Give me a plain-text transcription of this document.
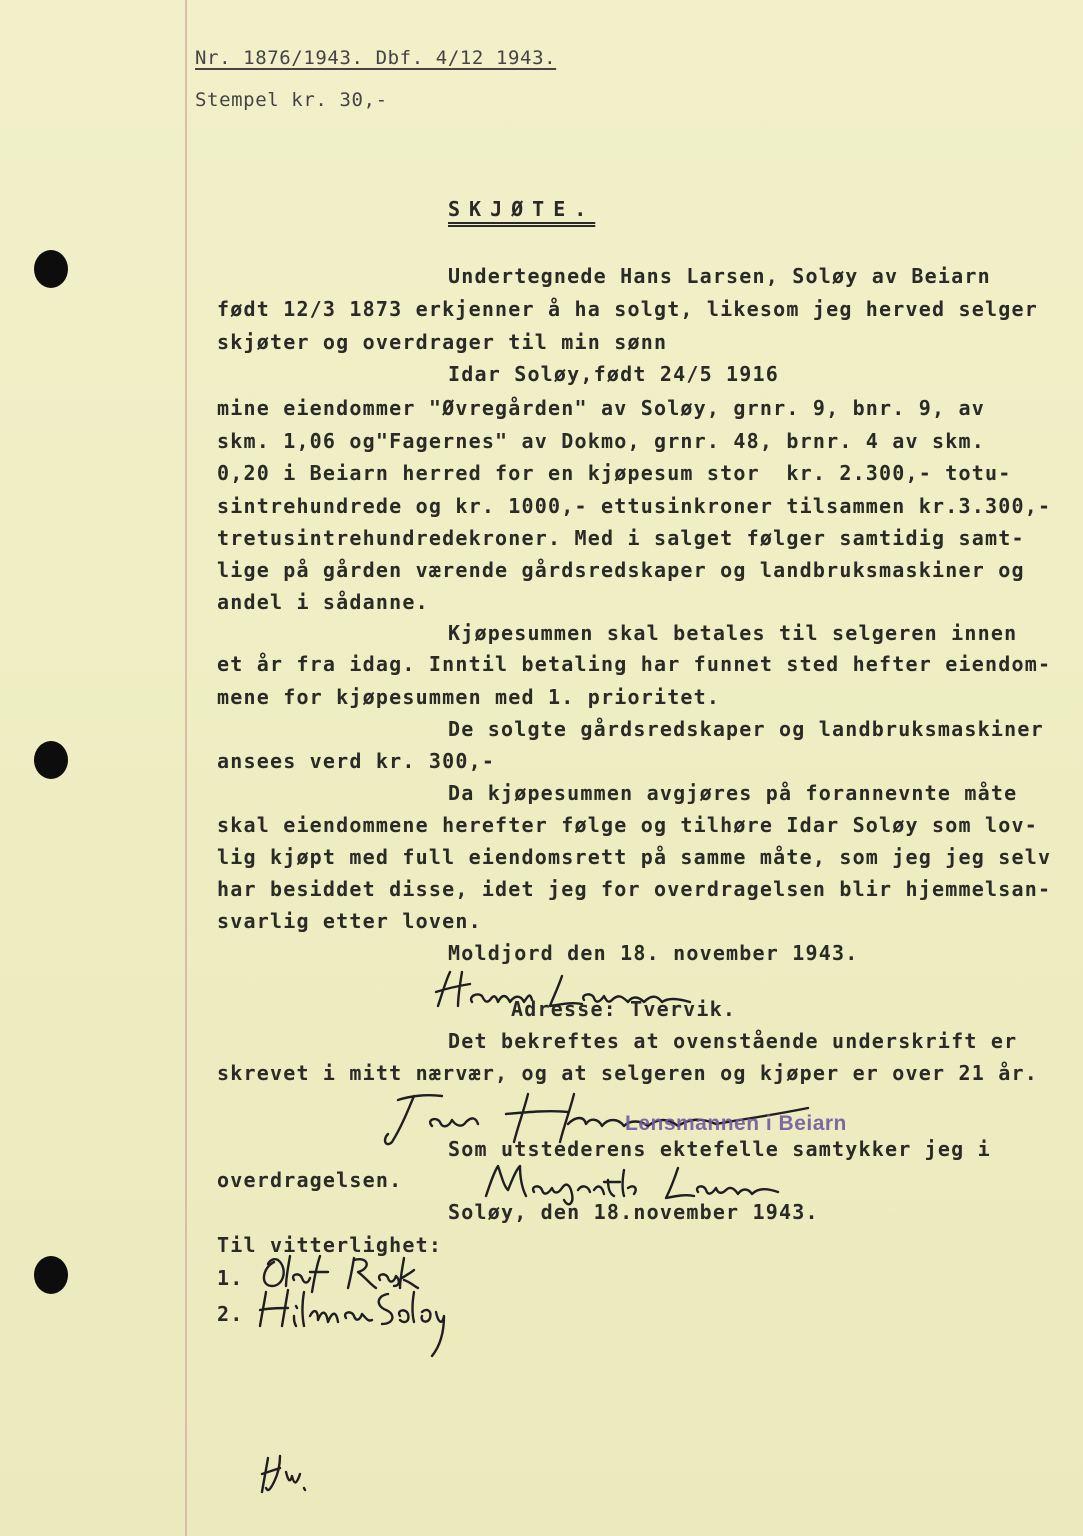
Nr. 1876/1943. Dbf. 4/12 1943.
Stempel kr. 30,-
SKJØTE.
Undertegnede Hans Larsen, Soløy av Beiarn
født 12/3 1873 erkjenner å ha solgt, likesom jeg herved selger
skjøter og overdrager til min sønn
Idar Soløy,født 24/5 1916
mine eiendommer "Øvregården" av Soløy, grnr. 9, bnr. 9, av
skm. 1,06 og"Fagernes" av Dokmo, grnr. 48, brnr. 4 av skm.
0,20 i Beiarn herred for en kjøpesum stor  kr. 2.300,- totu-
sintrehundrede og kr. 1000,- ettusinkroner tilsammen kr.3.300,-
tretusintrehundredekroner. Med i salget følger samtidig samt-
lige på gården værende gårdsredskaper og landbruksmaskiner og
andel i sådanne.
Kjøpesummen skal betales til selgeren innen
et år fra idag. Inntil betaling har funnet sted hefter eiendom-
mene for kjøpesummen med 1. prioritet.
De solgte gårdsredskaper og landbruksmaskiner
ansees verd kr. 300,-
Da kjøpesummen avgjøres på forannevnte måte
skal eiendommene herefter følge og tilhøre Idar Soløy som lov-
lig kjøpt med full eiendomsrett på samme måte, som jeg jeg selv
har besiddet disse, idet jeg for overdragelsen blir hjemmelsan-
svarlig etter loven.
Moldjord den 18. november 1943.
Adresse: Tvervik.
Det bekreftes at ovenstående underskrift er
skrevet i mitt nærvær, og at selgeren og kjøper er over 21 år.
Lensmannen i Beiarn
Som utstederens ektefelle samtykker jeg i
overdragelsen.
Soløy, den 18.november 1943.
Til vitterlighet:
1.
2.
